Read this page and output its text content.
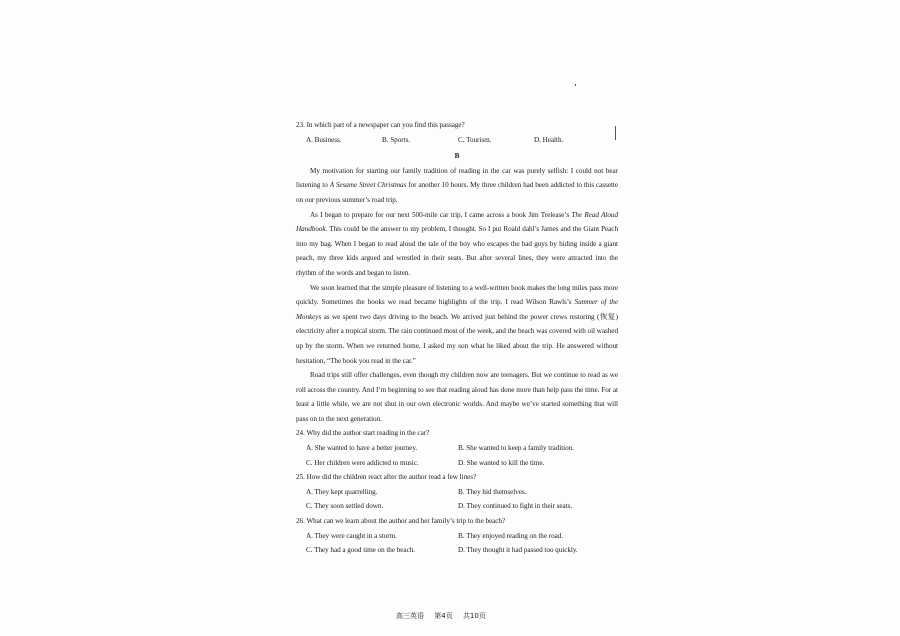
23. In which part of a newspaper can you find this passage?
A. Business.	B. Sports.	C. Tourism.	D. Health.
B

My motivation for starting our family tradition of reading in the car was purely selfish: I could not bear listening to A Sesame Street Christmas for another 10 hours. My three children had been addicted to this cassette on our previous summer’s road trip.

As I began to prepare for our next 500-mile car trip, I came across a book Jim Trelease’s The Read Aloud Handbook. This could be the answer to my problem, I thought. So I put Roald dahl’s James and the Giant Peach into my bag. When I began to read aloud the tale of the boy who escapes the bad guys by hiding inside a giant peach, my three kids argued and wrestled in their seats. But after several lines, they were attracted into the rhythm of the words and began to listen.

We soon learned that the simple pleasure of listening to a well-written book makes the long miles pass more quickly. Sometimes the books we read became highlights of the trip. I read Wilson Rawls’s Summer of the Monkeys as we spent two days driving to the beach. We arrived just behind the power crews restoring (恢复) electricity after a tropical storm. The rain continued most of the week, and the beach was covered with oil washed up by the storm. When we returned home, I asked my son what he liked about the trip. He answered without hesitation, “The book you read in the car.”

Road trips still offer challenges, even though my children now are teenagers. But we continue to read as we roll across the country. And I’m beginning to see that reading aloud has done more than help pass the time. For at least a little while, we are not shut in our own electronic worlds. And maybe we’ve started something that will pass on to the next generation.

24. Why did the author start reading in the car?
A. She wanted to have a better journey.	B. She wanted to keep a family tradition.
C. Her children were addicted to music.	D. She wanted to kill the time.
25. How did the children react after the author read a few lines?
A. They kept quarrelling.	B. They hid themselves.
C. They soon settled down.	D. They continued to fight in their seats.
26. What can we learn about the author and her family’s trip to the beach?
A. They were caught in a storm.	B. They enjoyed reading on the road.
C. They had a good time on the beach.	D. They thought it had passed too quickly.
高三英语 第4页 共10页
